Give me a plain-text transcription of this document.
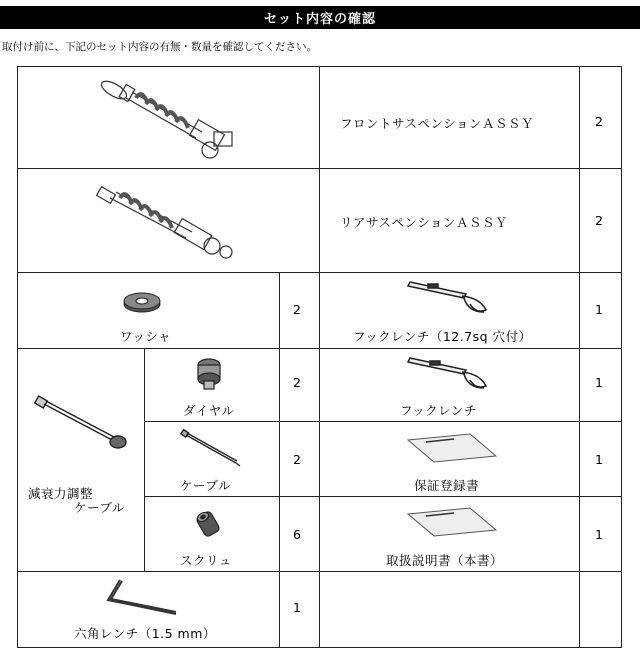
セット内容の確認
取付け前に、下記のセット内容の有無・数量を確認してください。
フロントサスペンションＡＳＳＹ	2
リアサスペンションＡＳＳＹ	2
ワッシャ
2
フックレンチ（12.7sq 穴付）
1
減衰力調整
ケーブル
ダイヤル
2
フックレンチ
1
ケーブル
2
保証登録書
1
スクリュ
6
取扱説明書（本書）
1
六角レンチ（1.5 mm）
1
